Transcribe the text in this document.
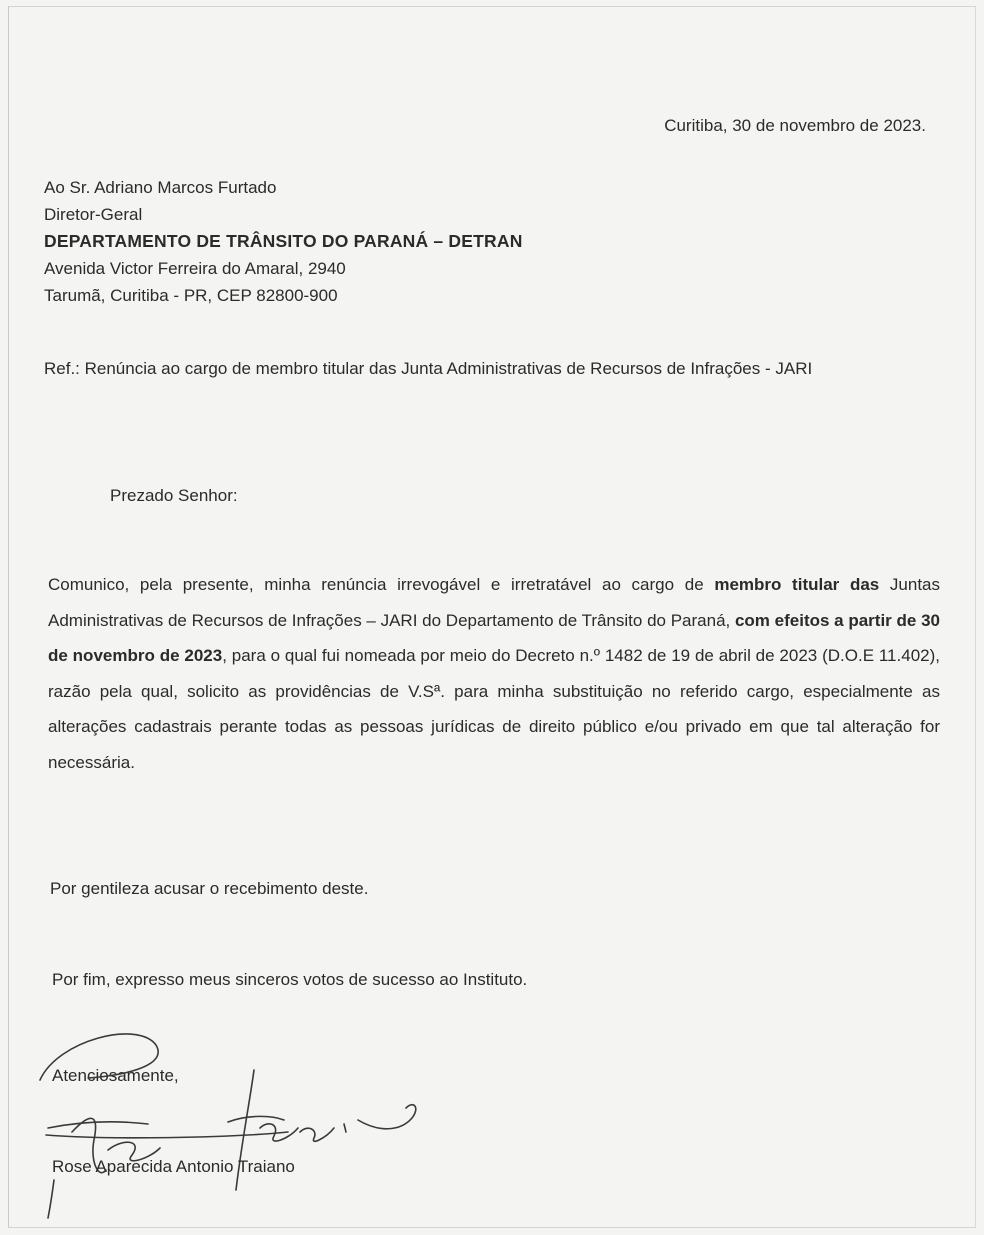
Curitiba, 30 de novembro de 2023.
Ao Sr. Adriano Marcos Furtado
Diretor-Geral
DEPARTAMENTO DE TRÂNSITO DO PARANÁ – DETRAN
Avenida Victor Ferreira do Amaral, 2940
Tarumã, Curitiba - PR, CEP 82800-900
Ref.: Renúncia ao cargo de membro titular das Junta Administrativas de Recursos de Infrações - JARI
Prezado Senhor:
Comunico, pela presente, minha renúncia irrevogável e irretratável ao cargo de membro titular das Juntas Administrativas de Recursos de Infrações – JARI do Departamento de Trânsito do Paraná, com efeitos a partir de 30 de novembro de 2023, para o qual fui nomeada por meio do Decreto n.º 1482 de 19 de abril de 2023 (D.O.E 11.402), razão pela qual, solicito as providências de V.Sª. para minha substituição no referido cargo, especialmente as alterações cadastrais perante todas as pessoas jurídicas de direito público e/ou privado em que tal alteração for necessária.
Por gentileza acusar o recebimento deste.
Por fim, expresso meus sinceros votos de sucesso ao Instituto.
Atenciosamente,
Rose Aparecida Antonio Traiano
